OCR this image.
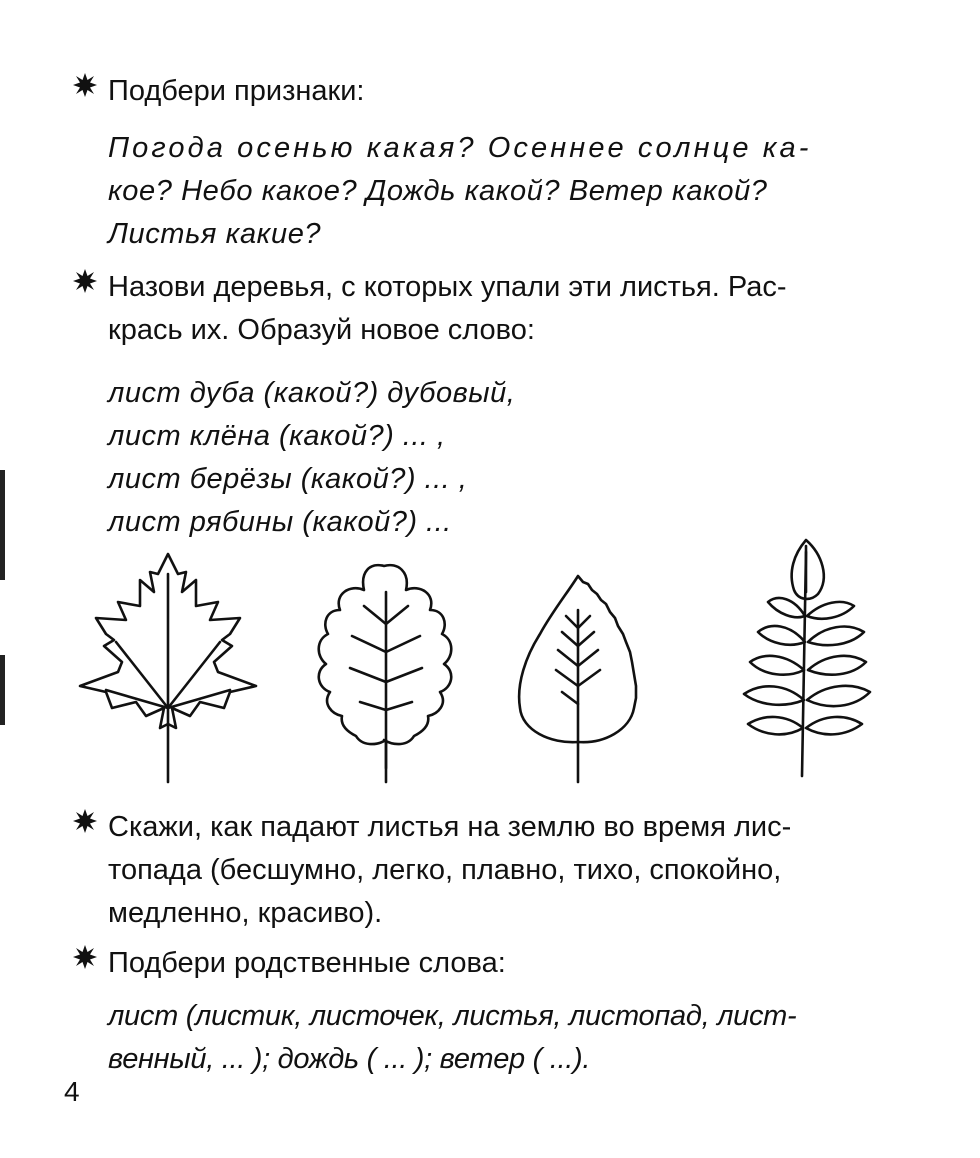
Подбери признаки:
Погода осенью какая? Осеннее солнце ка-
кое? Небо какое? Дождь какой? Ветер какой?
Листья какие?
Назови деревья, с которых упали эти листья. Рас-
крась их. Образуй новое слово:
лист дуба (какой?) дубовый,
лист клёна (какой?) ... ,
лист берёзы (какой?) ... ,
лист рябины (какой?) ...
Скажи, как падают листья на землю во время лис-
топада (бесшумно, легко, плавно, тихо, спокойно,
медленно, красиво).
Подбери родственные слова:
лист (листик, листочек, листья, листопад, лист-
венный, ... ); дождь ( ... ); ветер ( ...).
4
